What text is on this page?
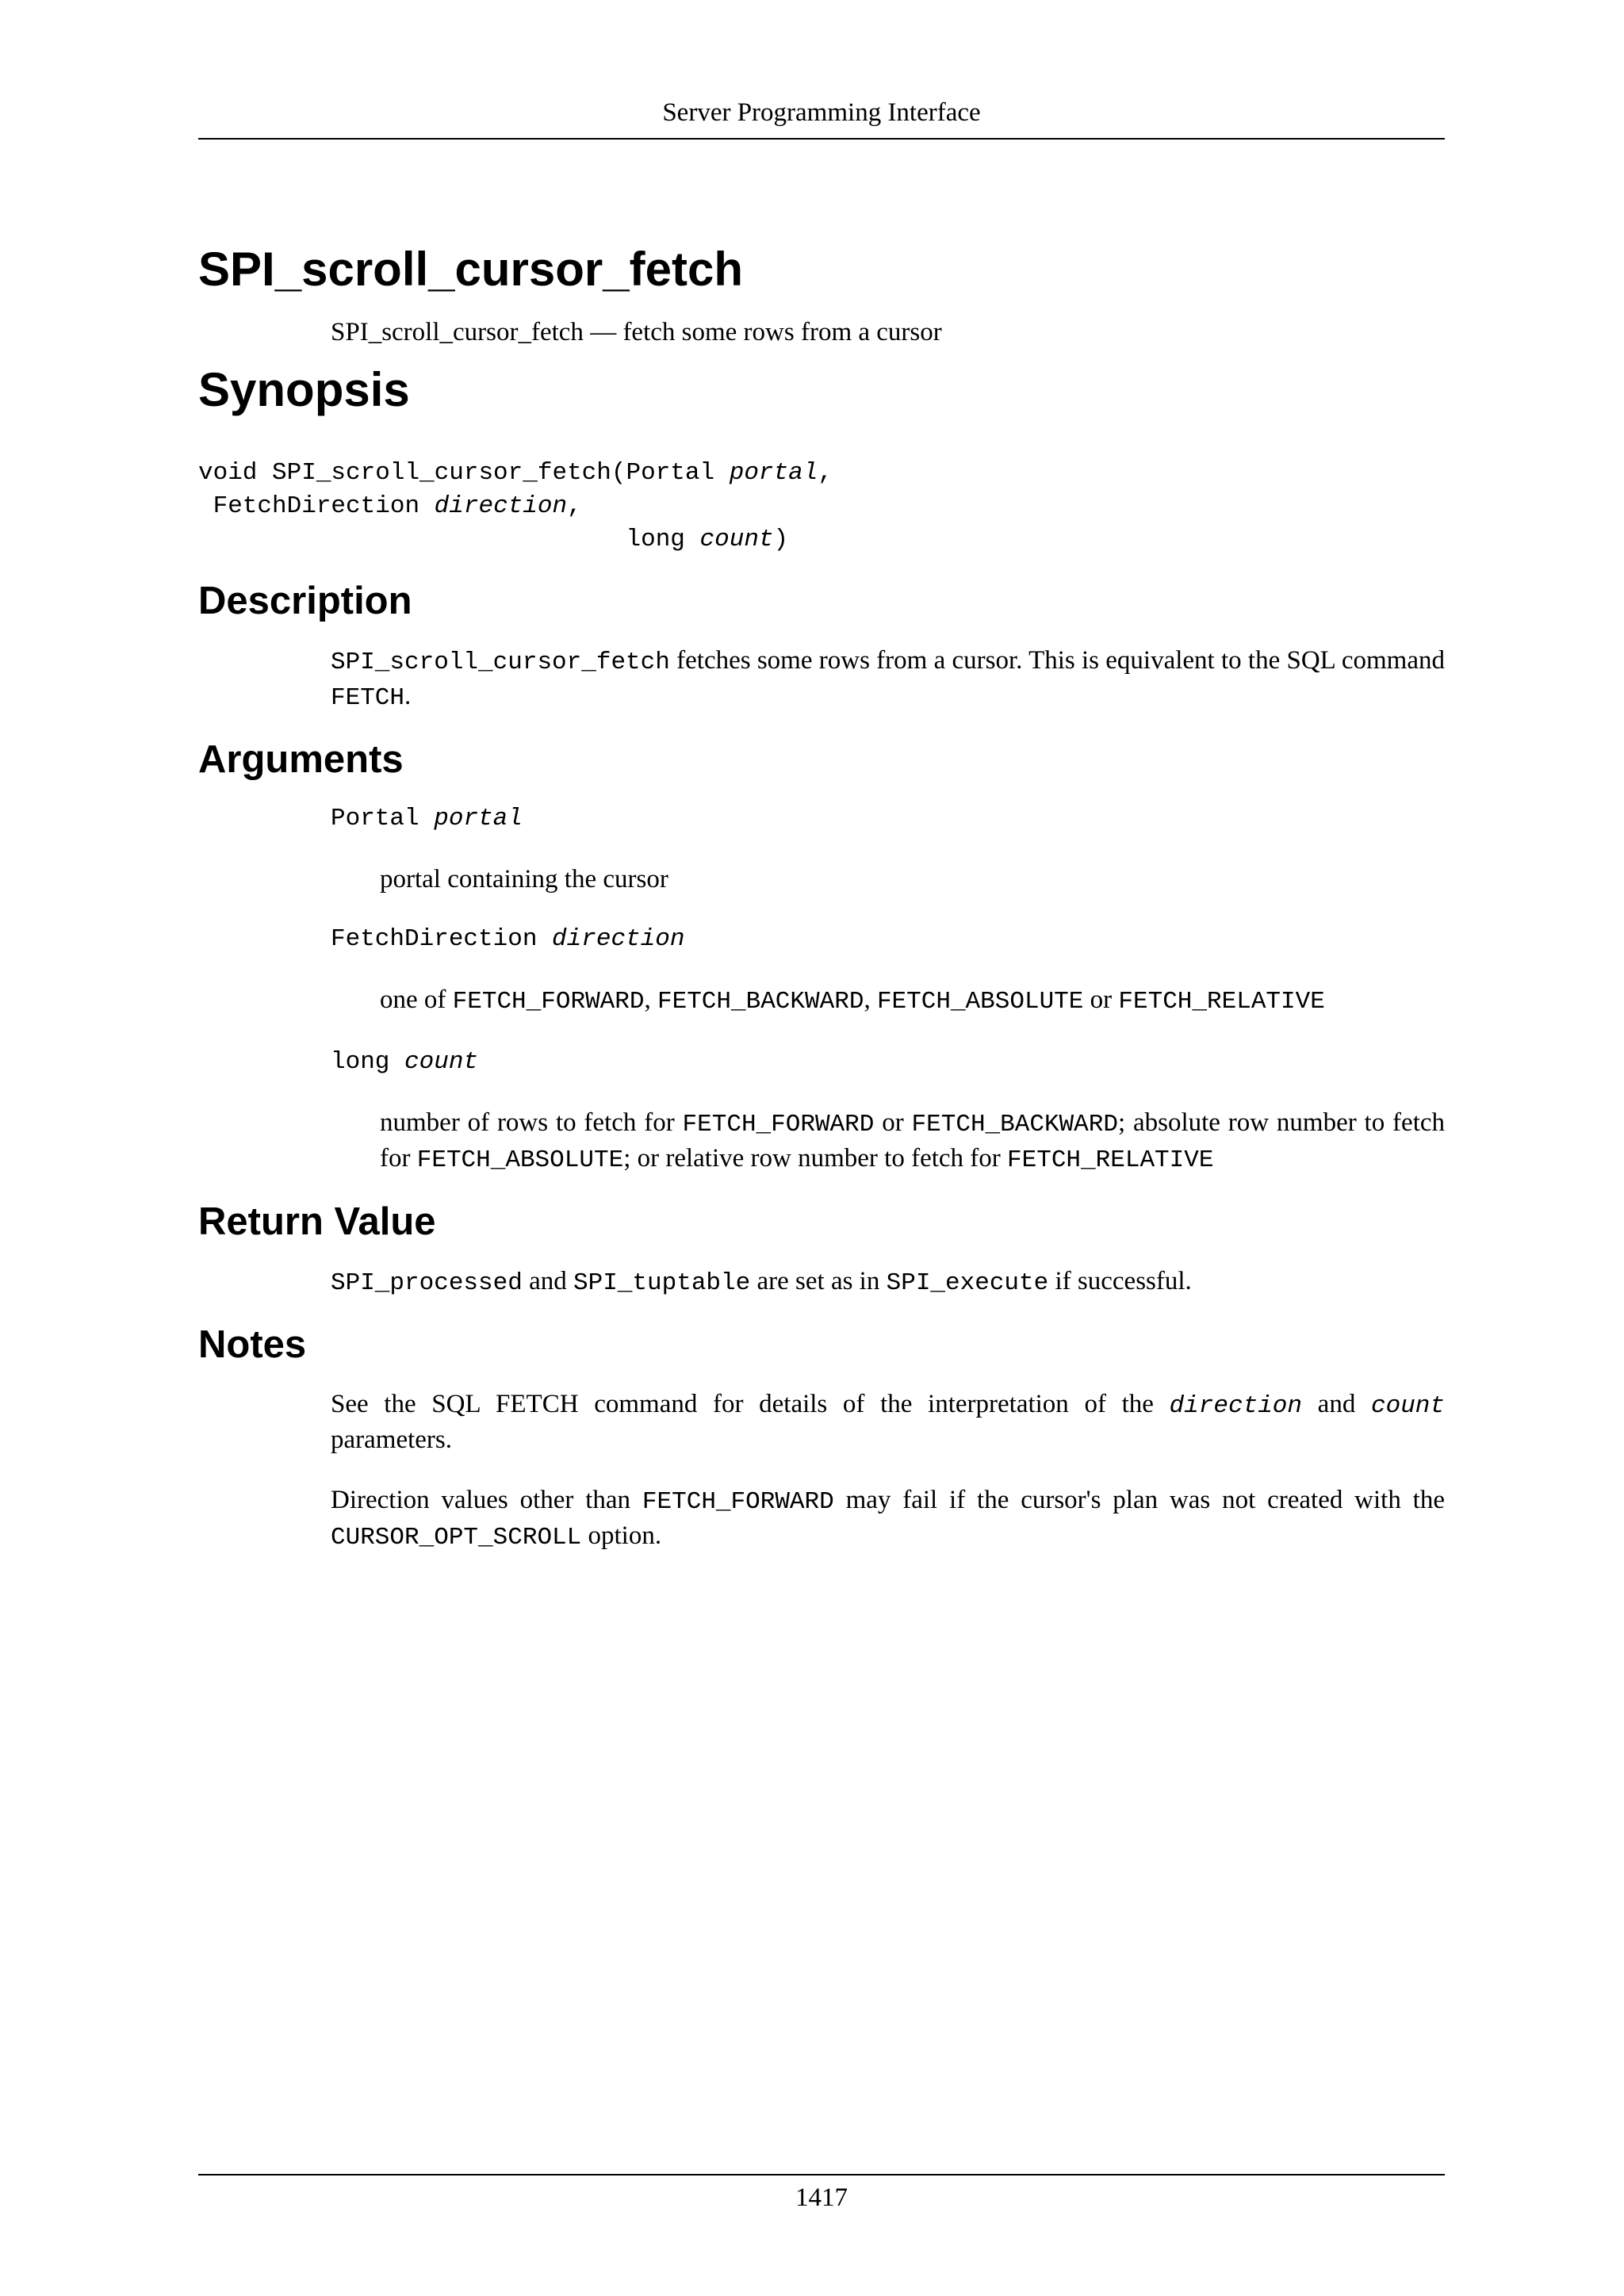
Server Programming Interface
SPI_scroll_cursor_fetch

SPI_scroll_cursor_fetch — fetch some rows from a cursor

Synopsis
void SPI_scroll_cursor_fetch(Portal portal,
FetchDirection direction,
long count)
Description

SPI_scroll_cursor_fetch fetches some rows from a cursor. This is equivalent to the SQL command FETCH.

Arguments
Portal portal

portal containing the cursor

FetchDirection direction

one of FETCH_FORWARD, FETCH_BACKWARD, FETCH_ABSOLUTE or FETCH_RELATIVE

long count

number of rows to fetch for FETCH_FORWARD or FETCH_BACKWARD; absolute row number to fetch for FETCH_ABSOLUTE; or relative row number to fetch for FETCH_RELATIVE

Return Value

SPI_processed and SPI_tuptable are set as in SPI_execute if successful.

Notes

See the SQL FETCH command for details of the interpretation of the direction and count parameters.

Direction values other than FETCH_FORWARD may fail if the cursor's plan was not created with the CURSOR_OPT_SCROLL option.

1417
